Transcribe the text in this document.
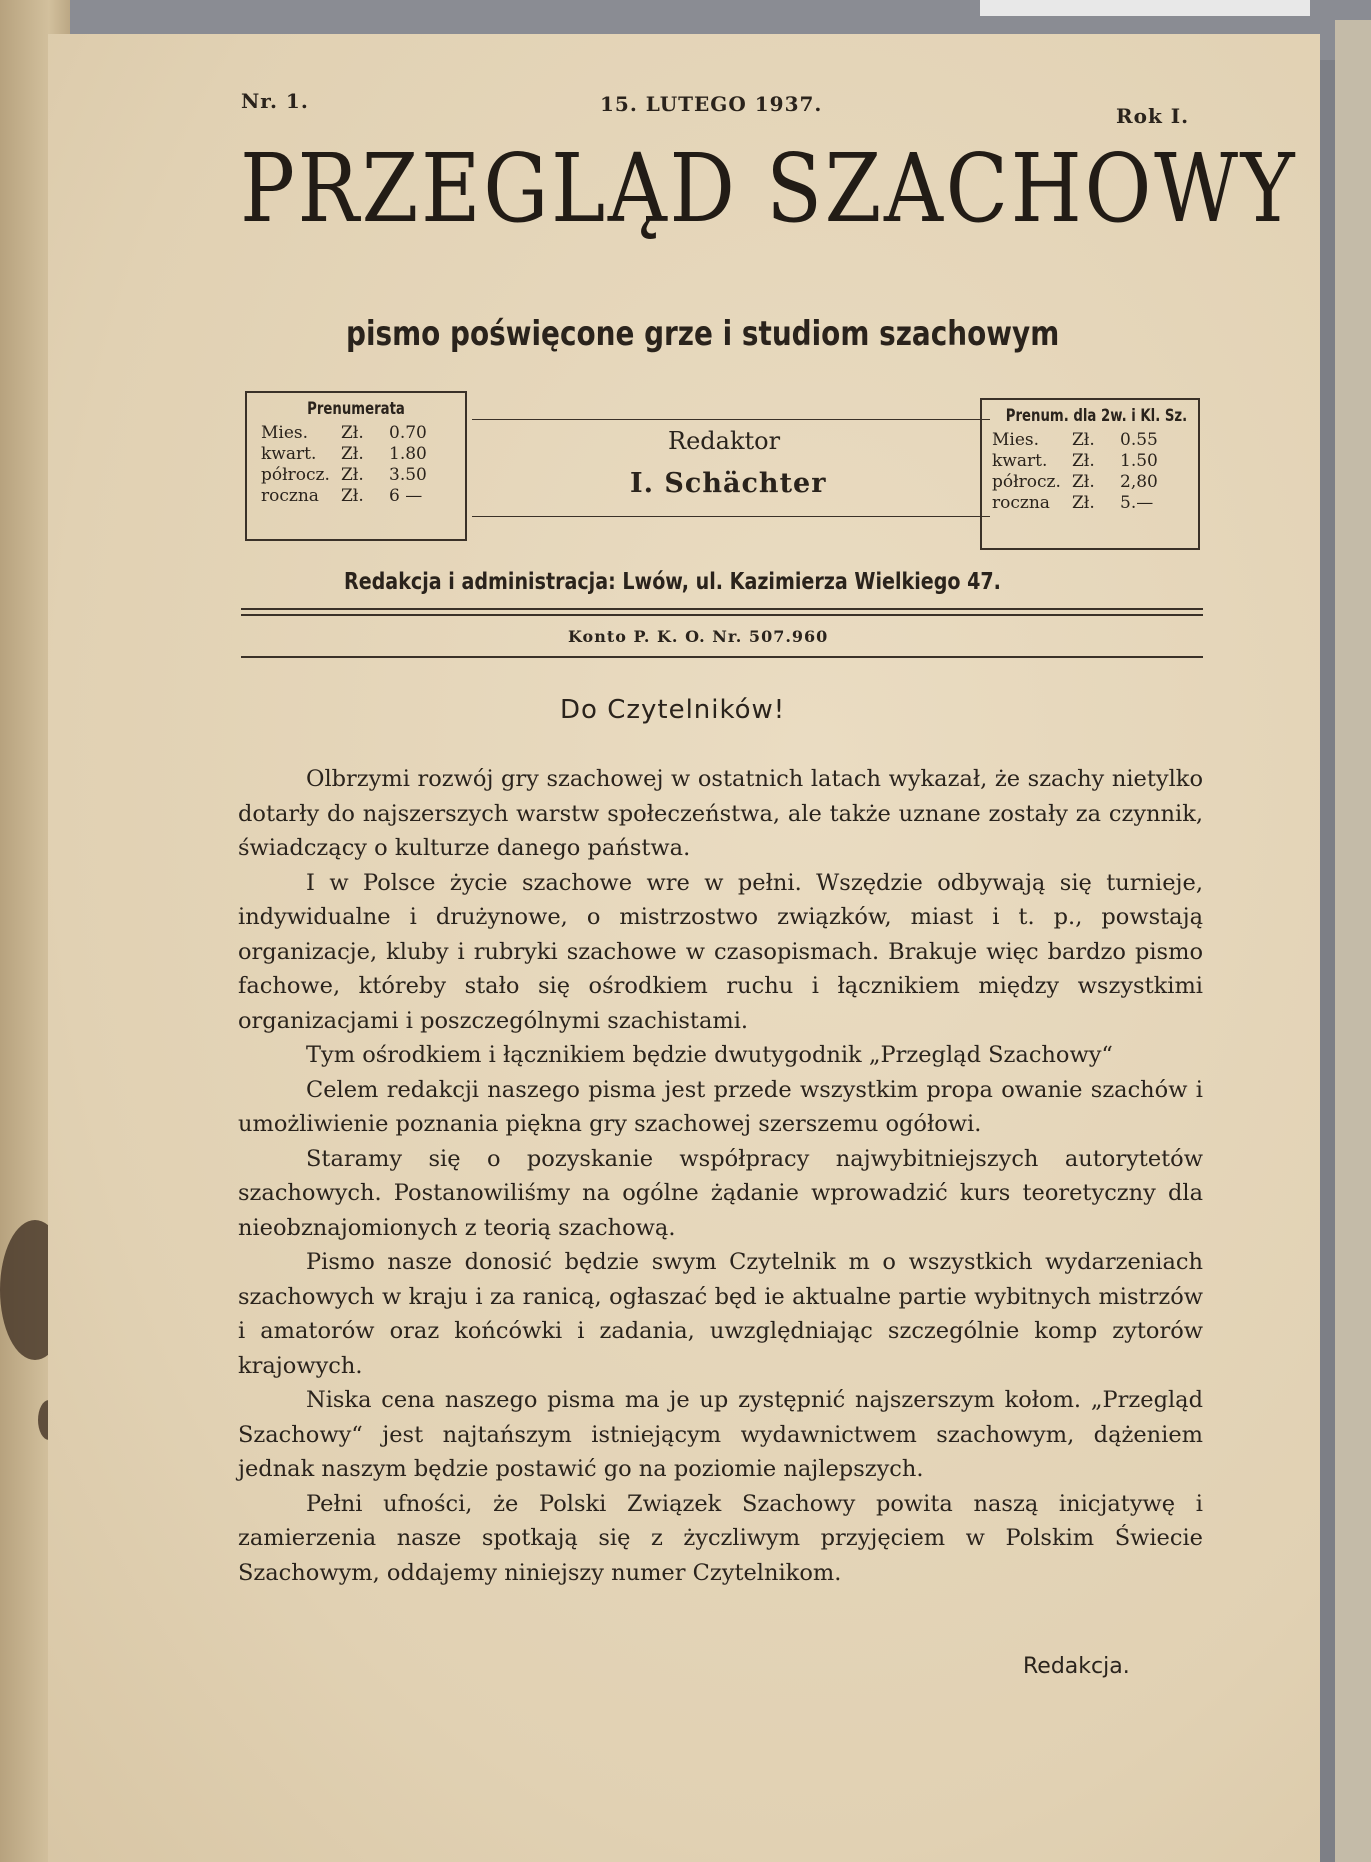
Nr. 1.	15. LUTEGO 1937.	Rok I.
PRZEGLĄD SZACHOWY
pismo poświęcone grze i studiom szachowym
Prenumerata
Mies.	Zł.	0.70
kwart.	Zł.	1.80
półrocz. Zł.	3.50
roczna	Zł.	6 —
Redaktor
I. Schächter
Prenum. dla 2w. i Kl. Sz.
Mies.	Zł.	0.55
kwart.	Zł.	1.50
półrocz. Zł.	2,80
roczna	Zł.	5.—
Redakcja i administracja: Lwów, ul. Kazimierza Wielkiego 47.
Konto P. K. O. Nr. 507.960
Do Czytelników!

Olbrzymi rozwój gry szachowej w ostatnich latach wykazał, że szachy nietylko dotarły do najszerszych warstw społeczeństwa, ale także uznane zostały za czynnik, świadczący o kulturze danego państwa.

I w Polsce życie szachowe wre w pełni. Wszędzie odbywają się turnieje, indywidualne i drużynowe, o mistrzostwo związków, miast i t. p., powstają organizacje, kluby i rubryki szachowe w czasopismach. Brakuje więc bardzo pismo fachowe, któreby stało się ośrodkiem ruchu i łącznikiem między wszystkimi organizacjami i poszczególnymi szachistami.

Tym ośrodkiem i łącznikiem będzie dwutygodnik „Przegląd Szachowy“

Celem redakcji naszego pisma jest przede wszystkim propa owanie szachów i umożliwienie poznania piękna gry szachowej szerszemu ogółowi.

Staramy się o pozyskanie współpracy najwybitniejszych autorytetów szachowych. Postanowiliśmy na ogólne żądanie wprowadzić kurs teoretyczny dla nieobznajomionych z teorią szachową.

Pismo nasze donosić będzie swym Czytelnik m o wszystkich wydarzeniach szachowych w kraju i za ranicą, ogłaszać będ ie aktualne partie wybitnych mistrzów i amatorów oraz końcówki i zadania, uwzględniając szczególnie komp zytorów krajowych.

Niska cena naszego pisma ma je up zystępnić najszerszym kołom. „Przegląd Szachowy“ jest najtańszym istniejącym wydawnictwem szachowym, dążeniem jednak naszym będzie postawić go na poziomie najlepszych.

Pełni ufności, że Polski Związek Szachowy powita naszą inicjatywę i zamierzenia nasze spotkają się z życzliwym przyjęciem w Polskim Świecie Szachowym, oddajemy niniejszy numer Czytelnikom.

Redakcja.
